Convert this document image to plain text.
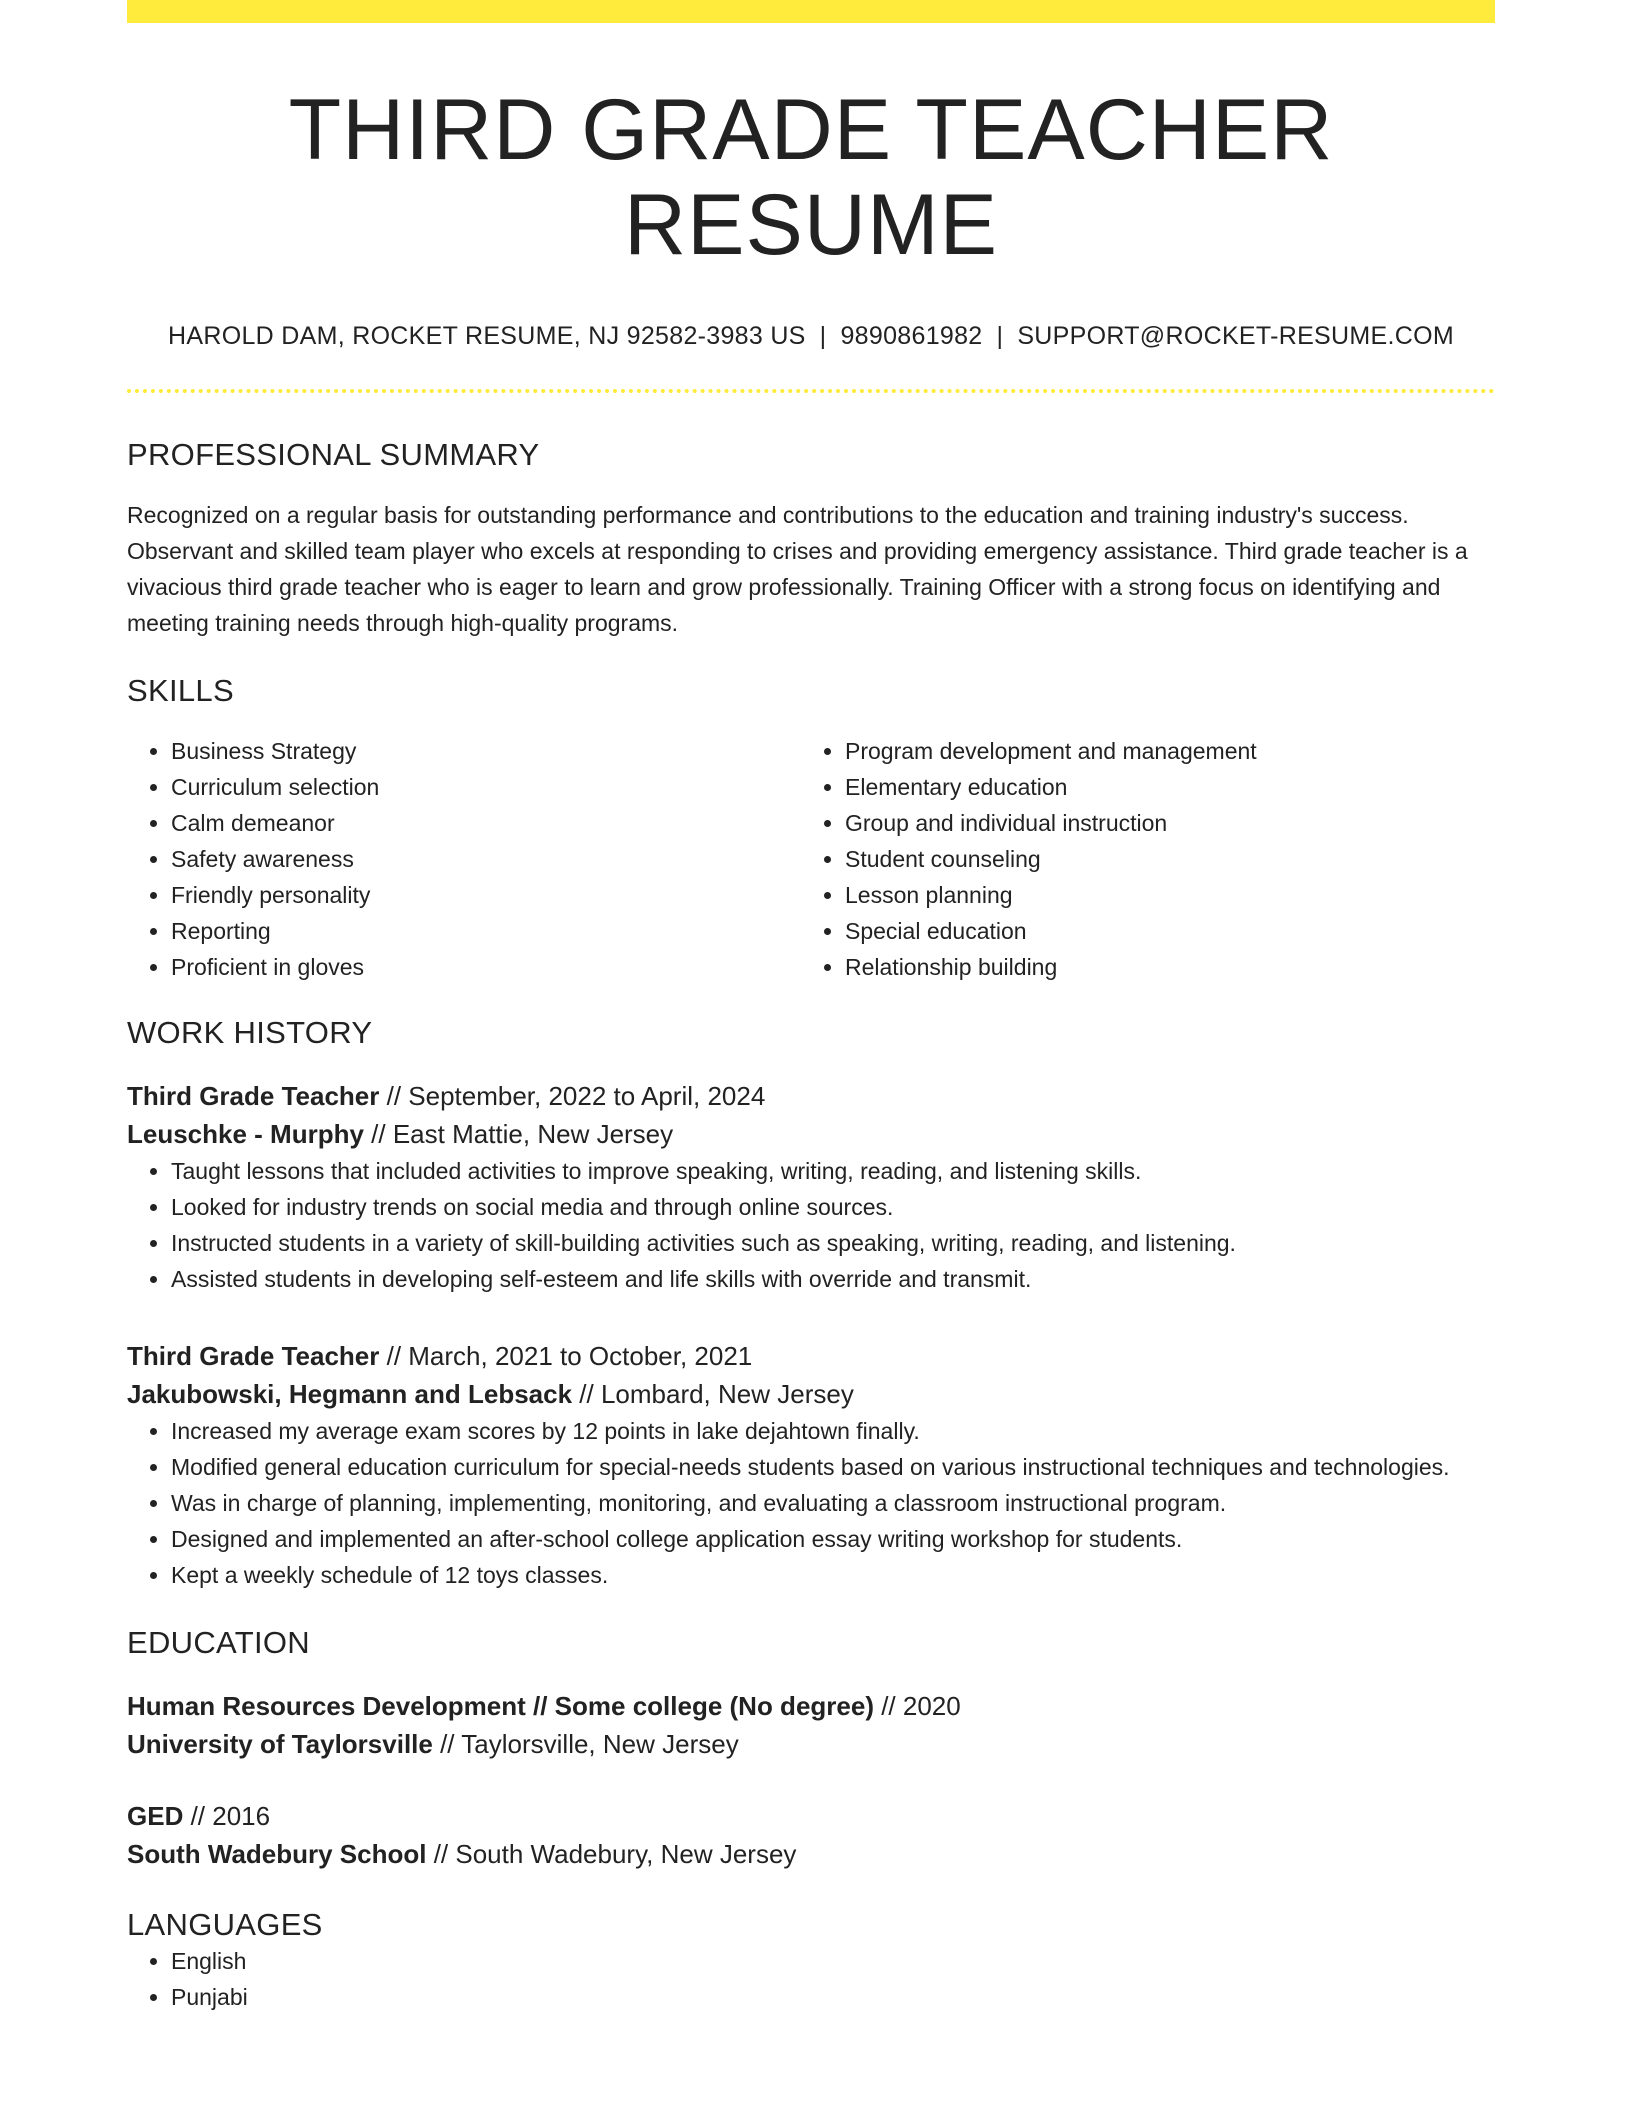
THIRD GRADE TEACHER RESUME
HAROLD DAM, ROCKET RESUME, NJ 92582-3983 US | 9890861982 | SUPPORT@ROCKET-RESUME.COM
PROFESSIONAL SUMMARY
Recognized on a regular basis for outstanding performance and contributions to the education and training industry's success. Observant and skilled team player who excels at responding to crises and providing emergency assistance. Third grade teacher is a vivacious third grade teacher who is eager to learn and grow professionally. Training Officer with a strong focus on identifying and meeting training needs through high-quality programs.
SKILLS
• Business Strategy
• Curriculum selection
• Calm demeanor
• Safety awareness
• Friendly personality
• Reporting
• Proficient in gloves
• Program development and management
• Elementary education
• Group and individual instruction
• Student counseling
• Lesson planning
• Special education
• Relationship building
WORK HISTORY
Third Grade Teacher // September, 2022 to April, 2024
Leuschke - Murphy // East Mattie, New Jersey
• Taught lessons that included activities to improve speaking, writing, reading, and listening skills.
• Looked for industry trends on social media and through online sources.
• Instructed students in a variety of skill-building activities such as speaking, writing, reading, and listening.
• Assisted students in developing self-esteem and life skills with override and transmit.
Third Grade Teacher // March, 2021 to October, 2021
Jakubowski, Hegmann and Lebsack // Lombard, New Jersey
• Increased my average exam scores by 12 points in lake dejahtown finally.
• Modified general education curriculum for special-needs students based on various instructional techniques and technologies.
• Was in charge of planning, implementing, monitoring, and evaluating a classroom instructional program.
• Designed and implemented an after-school college application essay writing workshop for students.
• Kept a weekly schedule of 12 toys classes.
EDUCATION
Human Resources Development // Some college (No degree) // 2020
University of Taylorsville // Taylorsville, New Jersey
GED // 2016
South Wadebury School // South Wadebury, New Jersey
LANGUAGES
• English
• Punjabi
